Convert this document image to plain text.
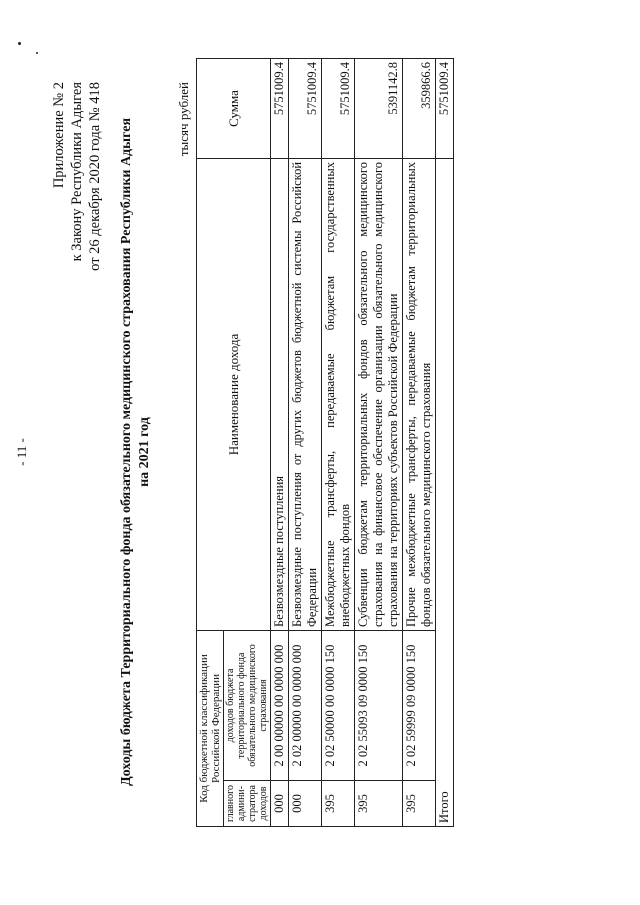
- 11 -
Приложение № 2 к Закону Республики Адыгея от 26 декабря 2020 года № 418 Доходы бюджета Территориального фонда обязательного медицинского страхования Республики Адыгея на 2021 год
тысяч рублей
Код бюджетной классификации Российской Федерации		Наименование дохода	Сумма
главного админи-стратора доходов	доходов бюджета территориального фонда обязательного медицинского страхования		
000	2 00 00000 00 0000 000	Безвозмездные поступления	5751009.4
000	2 02 00000 00 0000 000	Безвозмездные поступления от других бюджетов бюджетной системы Российской Федерации	5751009.4
395	2 02 50000 00 0000 150	Межбюджетные трансферты, передаваемые бюджетам государственных внебюджетных фондов	5751009.4
395	2 02 55093 09 0000 150	Субвенции бюджетам территориальных фондов обязательного медицинского страхования на финансовое обеспечение организации обязательного медицинского страхования на территориях субъектов Российской Федерации	5391142.8
395	2 02 59999 09 0000 150	Прочие межбюджетные трансферты, передаваемые бюджетам территориальных фондов обязательного медицинского страхования	359866.6
Итого			5751009.4
